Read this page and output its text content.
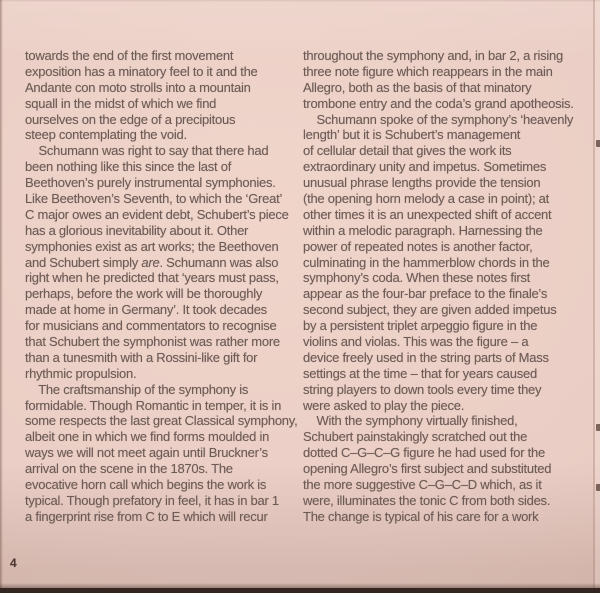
towards the end of the first movement
exposition has a minatory feel to it and the
Andante con moto strolls into a mountain
squall in the midst of which we find
ourselves on the edge of a precipitous
steep contemplating the void.
Schumann was right to say that there had
been nothing like this since the last of
Beethoven’s purely instrumental symphonies.
Like Beethoven’s Seventh, to which the ‘Great’
C major owes an evident debt, Schubert’s piece
has a glorious inevitability about it. Other
symphonies exist as art works; the Beethoven
and Schubert simply are. Schumann was also
right when he predicted that ‘years must pass,
perhaps, before the work will be thoroughly
made at home in Germany’. It took decades
for musicians and commentators to recognise
that Schubert the symphonist was rather more
than a tunesmith with a Rossini-like gift for
rhythmic propulsion.
The craftsmanship of the symphony is
formidable. Though Romantic in temper, it is in
some respects the last great Classical symphony,
albeit one in which we find forms moulded in
ways we will not meet again until Bruckner’s
arrival on the scene in the 1870s. The
evocative horn call which begins the work is
typical. Though prefatory in feel, it has in bar 1
a fingerprint rise from C to E which will recur
throughout the symphony and, in bar 2, a rising
three note figure which reappears in the main
Allegro, both as the basis of that minatory
trombone entry and the coda’s grand apotheosis.
Schumann spoke of the symphony’s ‘heavenly
length’ but it is Schubert’s management
of cellular detail that gives the work its
extraordinary unity and impetus. Sometimes
unusual phrase lengths provide the tension
(the opening horn melody a case in point); at
other times it is an unexpected shift of accent
within a melodic paragraph. Harnessing the
power of repeated notes is another factor,
culminating in the hammerblow chords in the
symphony’s coda. When these notes first
appear as the four-bar preface to the finale’s
second subject, they are given added impetus
by a persistent triplet arpeggio figure in the
violins and violas. This was the figure – a
device freely used in the string parts of Mass
settings at the time – that for years caused
string players to down tools every time they
were asked to play the piece.
With the symphony virtually finished,
Schubert painstakingly scratched out the
dotted C–G–C–G figure he had used for the
opening Allegro’s first subject and substituted
the more suggestive C–G–C–D which, as it
were, illuminates the tonic C from both sides.
The change is typical of his care for a work
4
